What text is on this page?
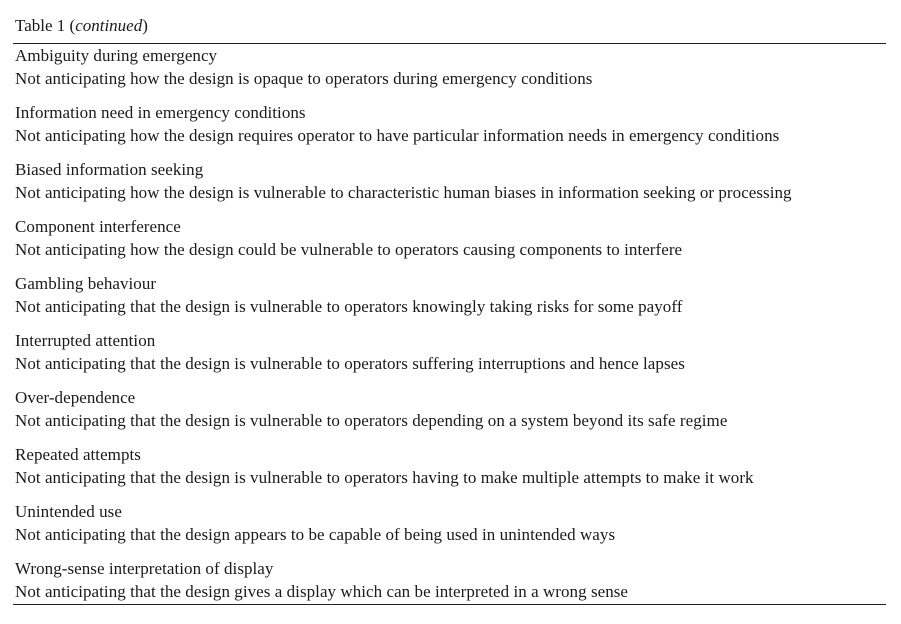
Table 1 (continued)
Ambiguity during emergency
Not anticipating how the design is opaque to operators during emergency conditions
Information need in emergency conditions
Not anticipating how the design requires operator to have particular information needs in emergency conditions
Biased information seeking
Not anticipating how the design is vulnerable to characteristic human biases in information seeking or processing
Component interference
Not anticipating how the design could be vulnerable to operators causing components to interfere
Gambling behaviour
Not anticipating that the design is vulnerable to operators knowingly taking risks for some payoff
Interrupted attention
Not anticipating that the design is vulnerable to operators suffering interruptions and hence lapses
Over-dependence
Not anticipating that the design is vulnerable to operators depending on a system beyond its safe regime
Repeated attempts
Not anticipating that the design is vulnerable to operators having to make multiple attempts to make it work
Unintended use
Not anticipating that the design appears to be capable of being used in unintended ways
Wrong-sense interpretation of display
Not anticipating that the design gives a display which can be interpreted in a wrong sense
